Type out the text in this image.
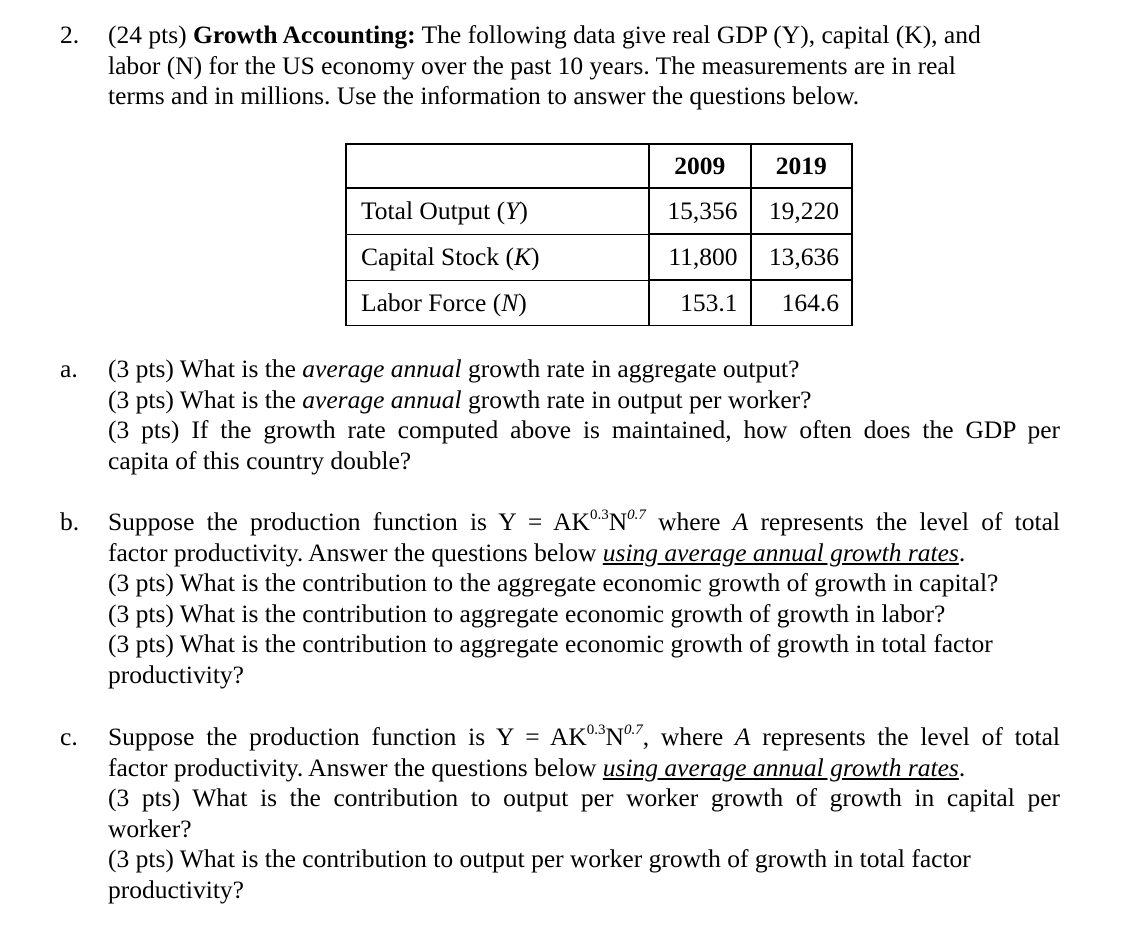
2. (24 pts) Growth Accounting: The following data give real GDP (Y), capital (K), and
labor (N) for the US economy over the past 10 years. The measurements are in real
terms and in millions. Use the information to answer the questions below.
	2009	2019
Total Output (Y)	15,356	19,220
Capital Stock (K)	11,800	13,636
Labor Force (N)	153.1	164.6
a. (3 pts) What is the average annual growth rate in aggregate output?
(3 pts) What is the average annual growth rate in output per worker?
(3 pts) If the growth rate computed above is maintained, how often does the GDP per
capita of this country double?
b. Suppose the production function is $Y = AK^{0.3}N^{0.7}$ where A represents the level of total
factor productivity. Answer the questions below using average annual growth rates.
(3 pts) What is the contribution to the aggregate economic growth of growth in capital?
(3 pts) What is the contribution to aggregate economic growth of growth in labor?
(3 pts) What is the contribution to aggregate economic growth of growth in total factor
productivity?
c. Suppose the production function is $Y = AK^{0.3}N^{0.7}$, where A represents the level of total
factor productivity. Answer the questions below using average annual growth rates.
(3 pts) What is the contribution to output per worker growth of growth in capital per
worker?
(3 pts) What is the contribution to output per worker growth of growth in total factor
productivity?
